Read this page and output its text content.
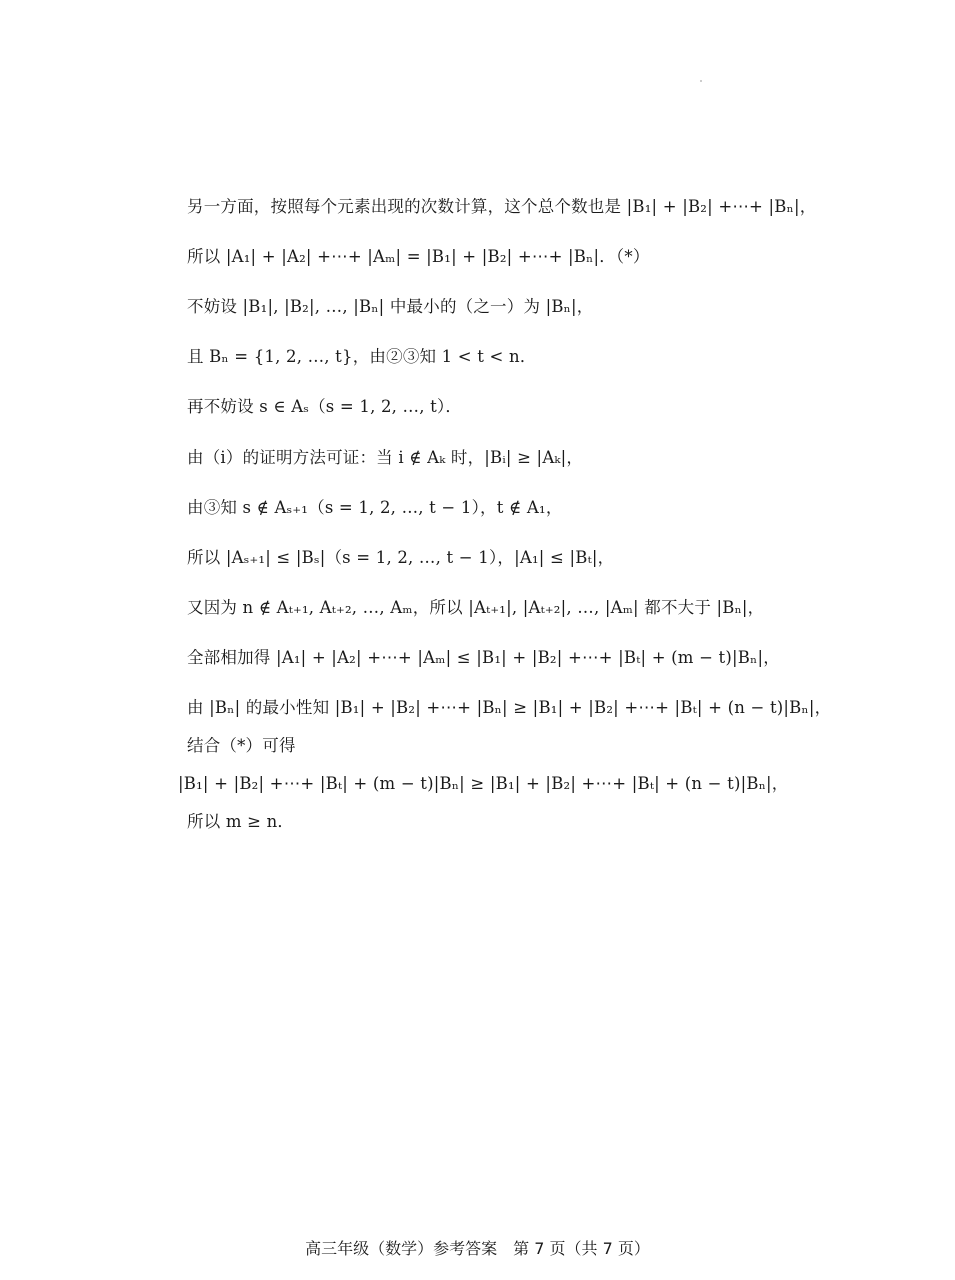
另一方面，按照每个元素出现的次数计算，这个总个数也是 |B₁| + |B₂| +⋯+ |Bₙ|，
所以 |A₁| + |A₂| +⋯+ |Aₘ| = |B₁| + |B₂| +⋯+ |Bₙ|．（*）
不妨设 |B₁|, |B₂|, …, |Bₙ| 中最小的（之一）为 |Bₙ|，
且 Bₙ = {1, 2, …, t}，由②③知 1 < t < n．
再不妨设 s ∈ Aₛ（s = 1, 2, …, t）．
由（i）的证明方法可证：当 i ∉ Aₖ 时，|Bᵢ| ≥ |Aₖ|，
由③知 s ∉ Aₛ₊₁（s = 1, 2, …, t − 1），t ∉ A₁，
所以 |Aₛ₊₁| ≤ |Bₛ|（s = 1, 2, …, t − 1），|A₁| ≤ |Bₜ|，
又因为 n ∉ Aₜ₊₁, Aₜ₊₂, …, Aₘ，所以 |Aₜ₊₁|, |Aₜ₊₂|, …, |Aₘ| 都不大于 |Bₙ|，
全部相加得 |A₁| + |A₂| +⋯+ |Aₘ| ≤ |B₁| + |B₂| +⋯+ |Bₜ| + (m − t)|Bₙ|，
由 |Bₙ| 的最小性知 |B₁| + |B₂| +⋯+ |Bₙ| ≥ |B₁| + |B₂| +⋯+ |Bₜ| + (n − t)|Bₙ|，
结合（*）可得
|B₁| + |B₂| +⋯+ |Bₜ| + (m − t)|Bₙ| ≥ |B₁| + |B₂| +⋯+ |Bₜ| + (n − t)|Bₙ|，
所以 m ≥ n．
高三年级（数学）参考答案　第 7 页（共 7 页）
